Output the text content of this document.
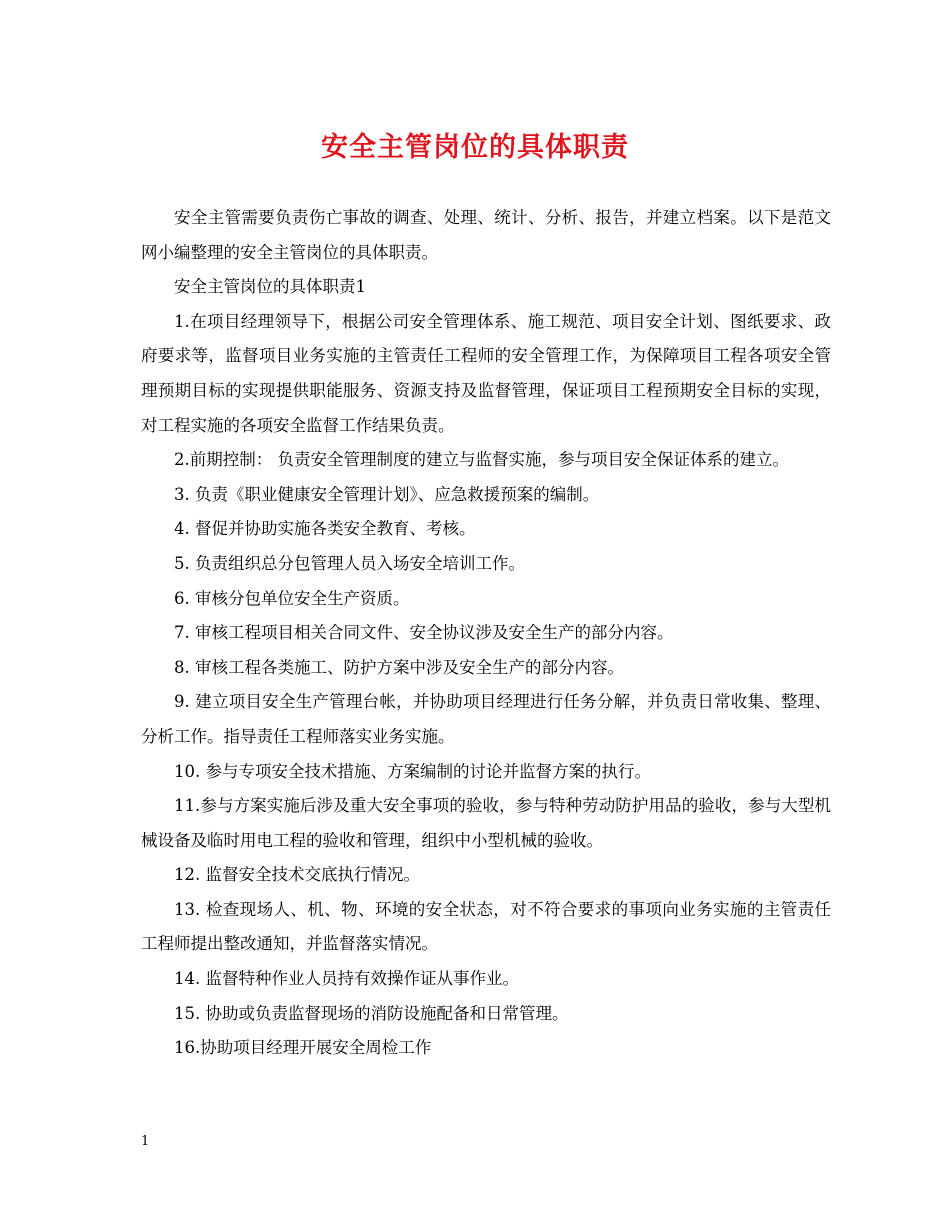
安全主管岗位的具体职责

安全主管需要负责伤亡事故的调查、处理、统计、分析、报告，并建立档案。以下是范文网小编整理的安全主管岗位的具体职责。

安全主管岗位的具体职责1

1.在项目经理领导下，根据公司安全管理体系、施工规范、项目安全计划、图纸要求、政府要求等，监督项目业务实施的主管责任工程师的安全管理工作，为保障项目工程各项安全管理预期目标的实现提供职能服务、资源支持及监督管理，保证项目工程预期安全目标的实现，对工程实施的各项安全监督工作结果负责。

2.前期控制： 负责安全管理制度的建立与监督实施，参与项目安全保证体系的建立。

3. 负责《职业健康安全管理计划》、应急救援预案的编制。

4. 督促并协助实施各类安全教育、考核。

5. 负责组织总分包管理人员入场安全培训工作。

6. 审核分包单位安全生产资质。

7. 审核工程项目相关合同文件、安全协议涉及安全生产的部分内容。

8. 审核工程各类施工、防护方案中涉及安全生产的部分内容。

9. 建立项目安全生产管理台帐，并协助项目经理进行任务分解，并负责日常收集、整理、分析工作。指导责任工程师落实业务实施。

10. 参与专项安全技术措施、方案编制的讨论并监督方案的执行。

11.参与方案实施后涉及重大安全事项的验收，参与特种劳动防护用品的验收，参与大型机械设备及临时用电工程的验收和管理，组织中小型机械的验收。

12. 监督安全技术交底执行情况。

13. 检查现场人、机、物、环境的安全状态，对不符合要求的事项向业务实施的主管责任工程师提出整改通知，并监督落实情况。

14. 监督特种作业人员持有效操作证从事作业。

15. 协助或负责监督现场的消防设施配备和日常管理。

16.协助项目经理开展安全周检工作

1
